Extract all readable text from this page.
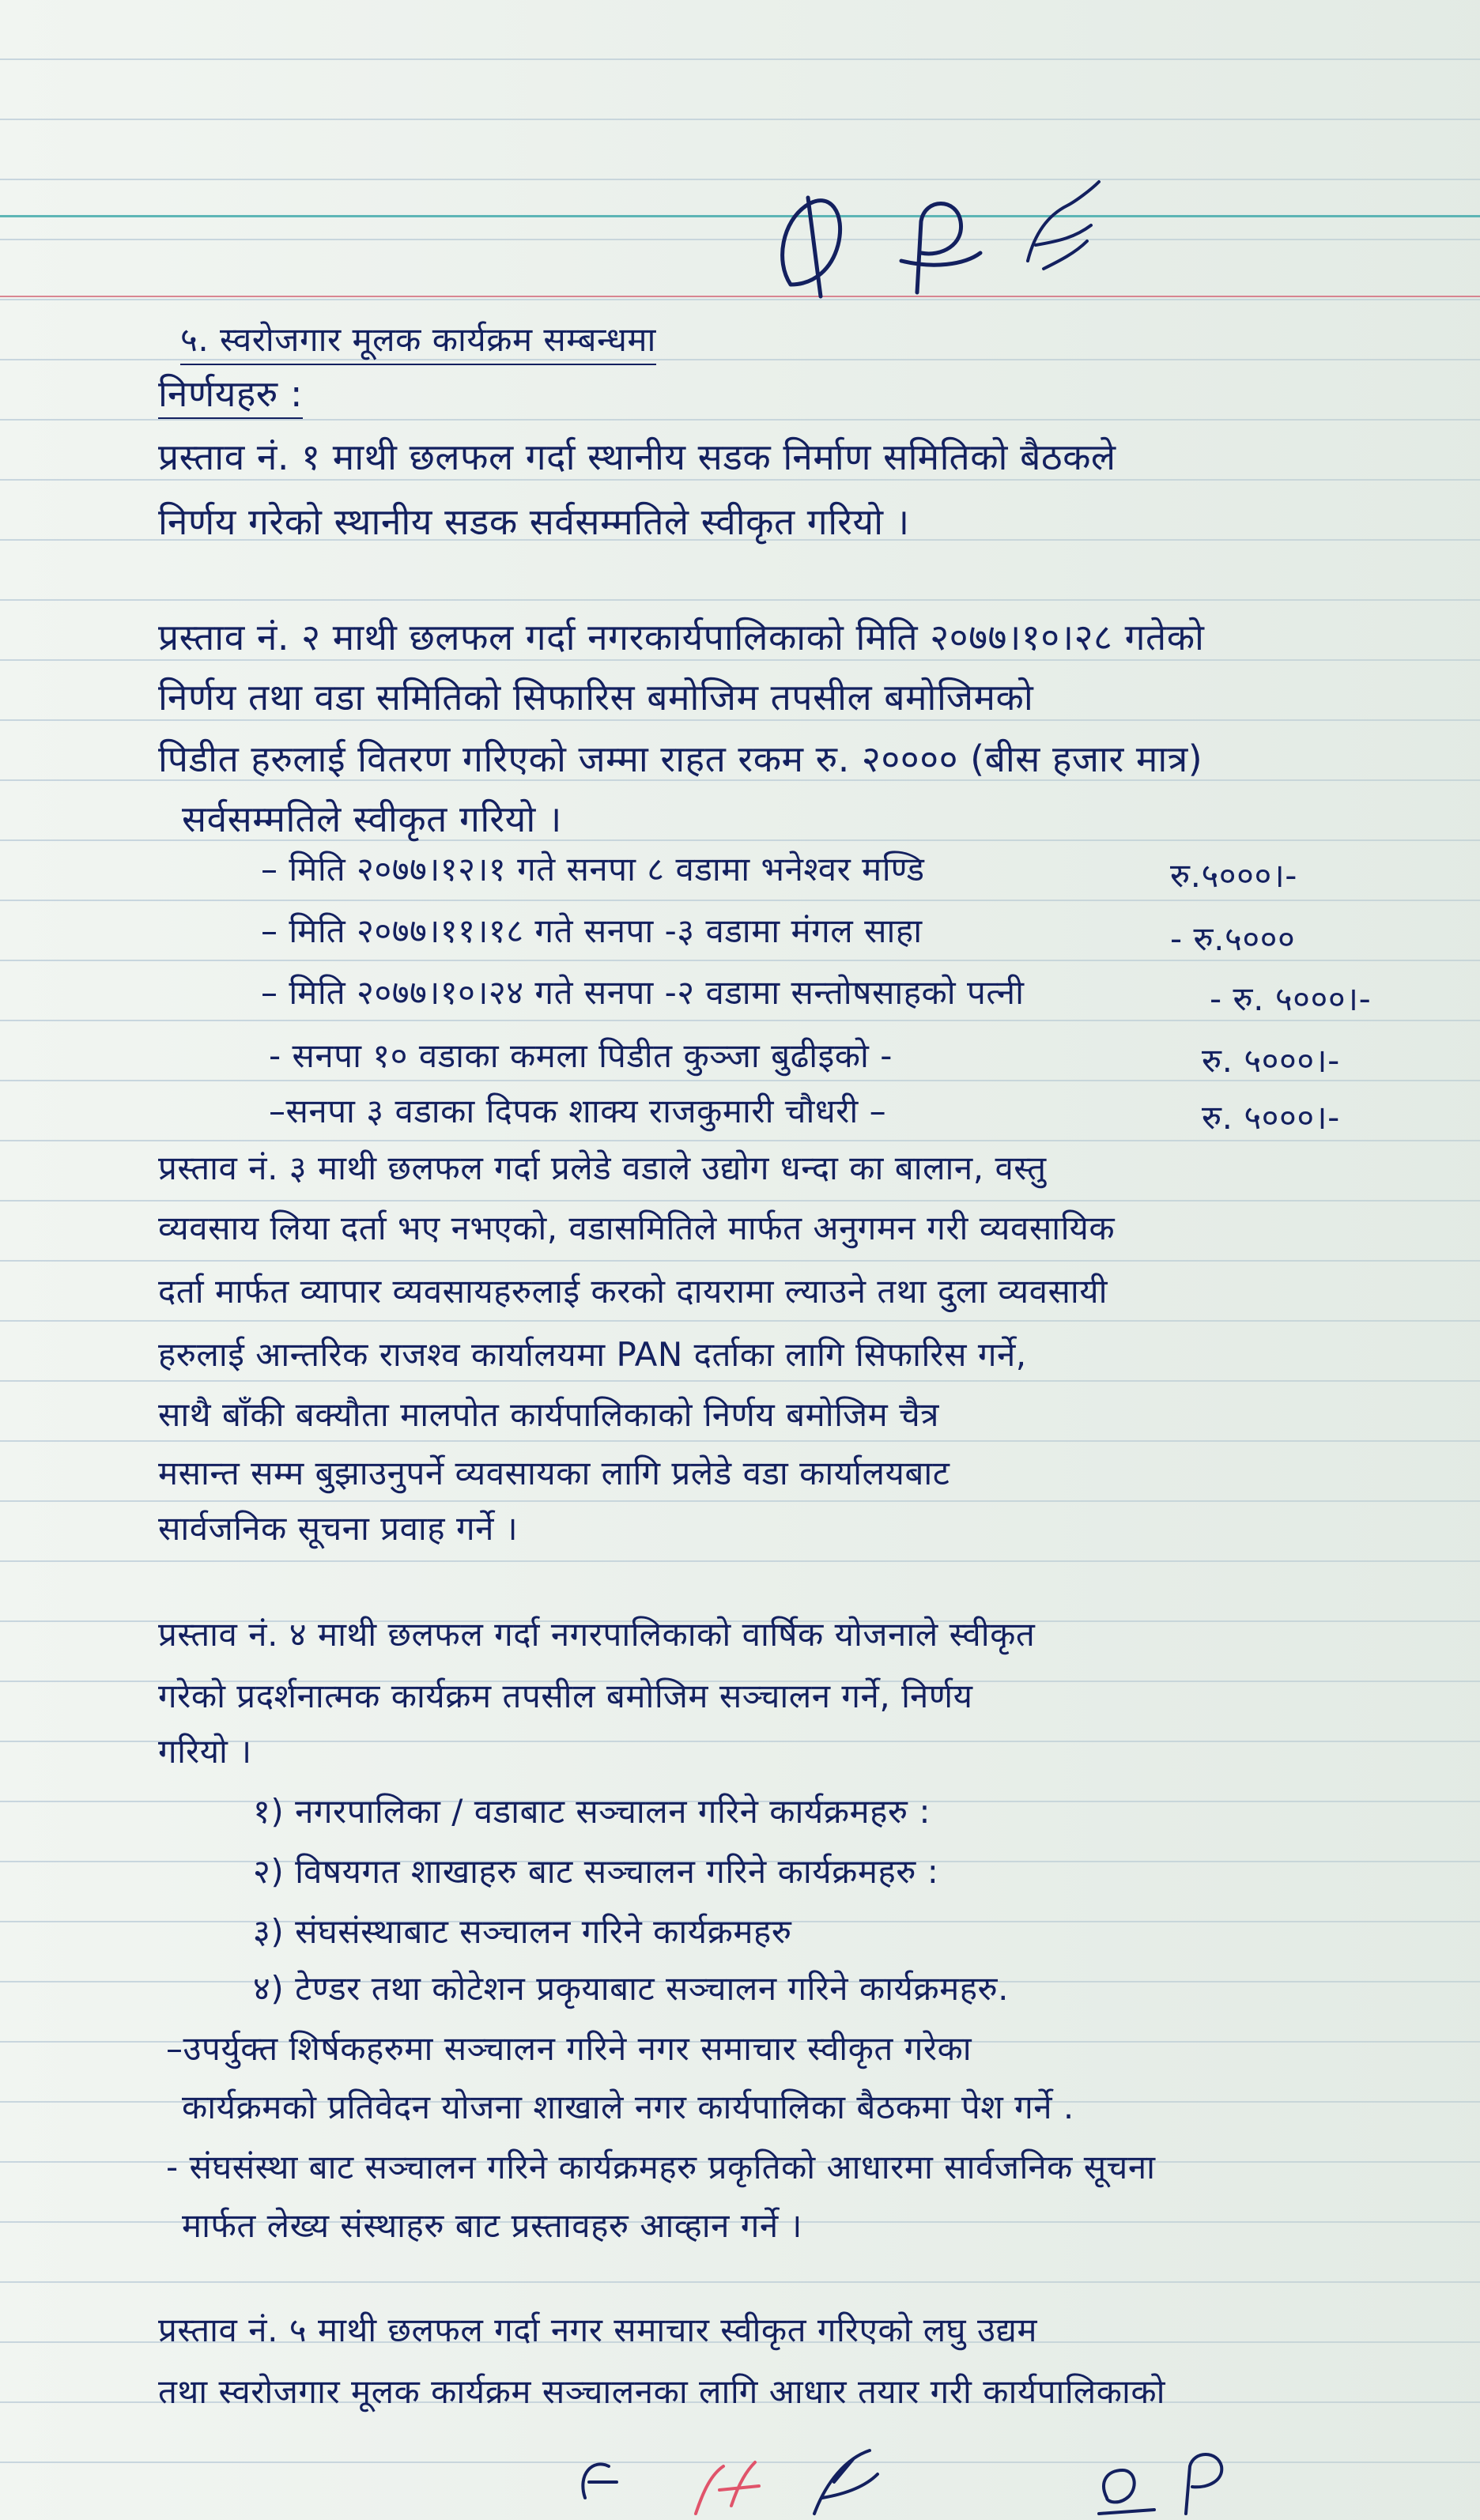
५. स्वरोजगार मूलक कार्यक्रम सम्बन्धमा
निर्णयहरु :
प्रस्ताव नं. १ माथी छलफल गर्दा स्थानीय सडक निर्माण समितिको बैठकले
निर्णय गरेको स्थानीय सडक सर्वसम्मतिले स्वीकृत गरियो ।
प्रस्ताव नं. २ माथी छलफल गर्दा नगरकार्यपालिकाको मिति २०७७।१०।२८ गतेको
निर्णय तथा वडा समितिको सिफारिस बमोजिम तपसील बमोजिमको
पिडीत हरुलाई वितरण गरिएको जम्मा राहत रकम रु. २०००० (बीस हजार मात्र)
सर्वसम्मतिले स्वीकृत गरियो ।
– मिति २०७७।१२।१ गते सनपा ८ वडामा भनेश्वर मण्डि	रु.५०००।-
– मिति २०७७।११।१८ गते सनपा -३ वडामा मंगल साहा	- रु.५०००
– मिति २०७७।१०।२४ गते सनपा -२ वडामा सन्तोषसाहको पत्नी	- रु. ५०००।-
- सनपा १० वडाका कमला पिडीत कुञ्जा बुढीइको -	रु. ५०००।-
–सनपा ३ वडाका दिपक शाक्य राजकुमारी चौधरी –	रु. ५०००।-
प्रस्ताव नं. ३ माथी छलफल गर्दा प्रलेडे वडाले उद्योग धन्दा का बालान, वस्तु
व्यवसाय लिया दर्ता भए नभएको, वडासमितिले मार्फत अनुगमन गरी व्यवसायिक
दर्ता मार्फत व्यापार व्यवसायहरुलाई करको दायरामा ल्याउने तथा दुला व्यवसायी
हरुलाई आन्तरिक राजश्व कार्यालयमा PAN दर्ताका लागि सिफारिस गर्ने,
साथै बाँकी बक्यौता मालपोत कार्यपालिकाको निर्णय बमोजिम चैत्र
मसान्त सम्म बुझाउनुपर्ने व्यवसायका लागि प्रलेडे वडा कार्यालयबाट
सार्वजनिक सूचना प्रवाह गर्ने ।
प्रस्ताव नं. ४ माथी छलफल गर्दा नगरपालिकाको वार्षिक योजनाले स्वीकृत
गरेको प्रदर्शनात्मक कार्यक्रम तपसील बमोजिम सञ्चालन गर्ने, निर्णय
गरियो ।
१) नगरपालिका / वडाबाट सञ्चालन गरिने कार्यक्रमहरु :
२) विषयगत शाखाहरु बाट सञ्चालन गरिने कार्यक्रमहरु :
३) संघसंस्थाबाट सञ्चालन गरिने कार्यक्रमहरु
४) टेण्डर तथा कोटेशन प्रकृयाबाट सञ्चालन गरिने कार्यक्रमहरु.
–उपर्युक्त शिर्षकहरुमा सञ्चालन गरिने नगर समाचार स्वीकृत गरेका
कार्यक्रमको प्रतिवेदन योजना शाखाले नगर कार्यपालिका बैठकमा पेश गर्ने .
- संघसंस्था बाट सञ्चालन गरिने कार्यक्रमहरु प्रकृतिको आधारमा सार्वजनिक सूचना
मार्फत लेख्य संस्थाहरु बाट प्रस्तावहरु आव्हान गर्ने ।
प्रस्ताव नं. ५ माथी छलफल गर्दा नगर समाचार स्वीकृत गरिएको लघु उद्यम
तथा स्वरोजगार मूलक कार्यक्रम सञ्चालनका लागि आधार तयार गरी कार्यपालिकाको
